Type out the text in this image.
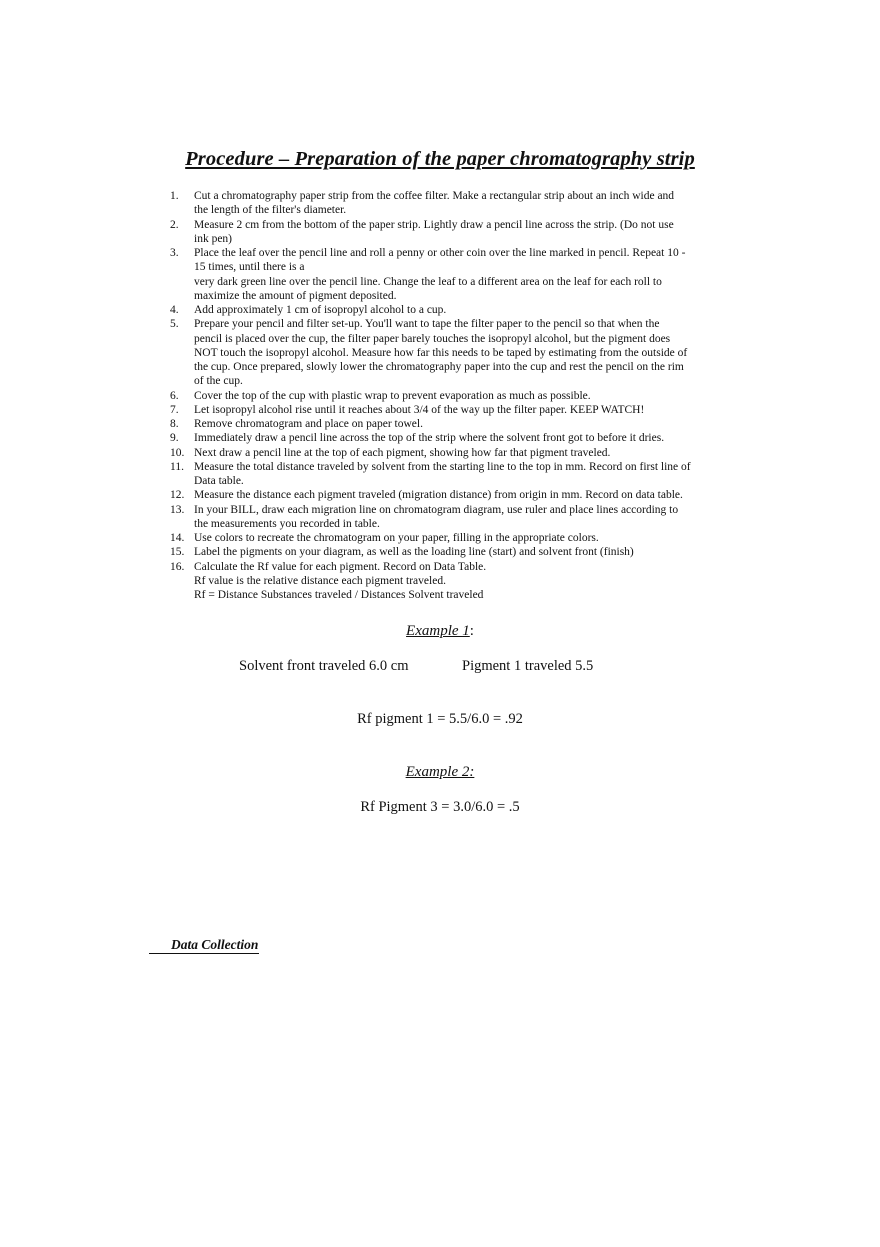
Procedure – Preparation of the paper chromatography strip
1.	Cut a chromatography paper strip from the coffee filter. Make a rectangular strip about an inch wide and
the length of the filter's diameter.
2.	Measure 2 cm from the bottom of the paper strip. Lightly draw a pencil line across the strip. (Do not use
ink pen)
3.	Place the leaf over the pencil line and roll a penny or other coin over the line marked in pencil. Repeat 10 -
15 times, until there is a
very dark green line over the pencil line. Change the leaf to a different area on the leaf for each roll to
maximize the amount of pigment deposited.
4.	Add approximately 1 cm of isopropyl alcohol to a cup.
5.	Prepare your pencil and filter set-up. You'll want to tape the filter paper to the pencil so that when the
pencil is placed over the cup, the filter paper barely touches the isopropyl alcohol, but the pigment does
NOT touch the isopropyl alcohol. Measure how far this needs to be taped by estimating from the outside of
the cup. Once prepared, slowly lower the chromatography paper into the cup and rest the pencil on the rim
of the cup.
6.	Cover the top of the cup with plastic wrap to prevent evaporation as much as possible.
7.	Let isopropyl alcohol rise until it reaches about 3/4 of the way up the filter paper. KEEP WATCH!
8.	Remove chromatogram and place on paper towel.
9.	Immediately draw a pencil line across the top of the strip where the solvent front got to before it dries.
10. Next draw a pencil line at the top of each pigment, showing how far that pigment traveled.
11. Measure the total distance traveled by solvent from the starting line to the top in mm. Record on first line of
Data table.
12. Measure the distance each pigment traveled (migration distance) from origin in mm. Record on data table.
13. In your BILL, draw each migration line on chromatogram diagram, use ruler and place lines according to
the measurements you recorded in table.
14. Use colors to recreate the chromatogram on your paper, filling in the appropriate colors.
15. Label the pigments on your diagram, as well as the loading line (start) and solvent front (finish)
16. Calculate the Rf value for each pigment. Record on Data Table.
Rf value is the relative distance each pigment traveled.
Rf = Distance Substances traveled / Distances Solvent traveled
Example 1:
Solvent front traveled 6.0 cm	Pigment 1 traveled 5.5
Rf pigment 1 = 5.5/6.0 = .92
Example 2:
Rf Pigment 3 = 3.0/6.0 = .5
Data Collection
